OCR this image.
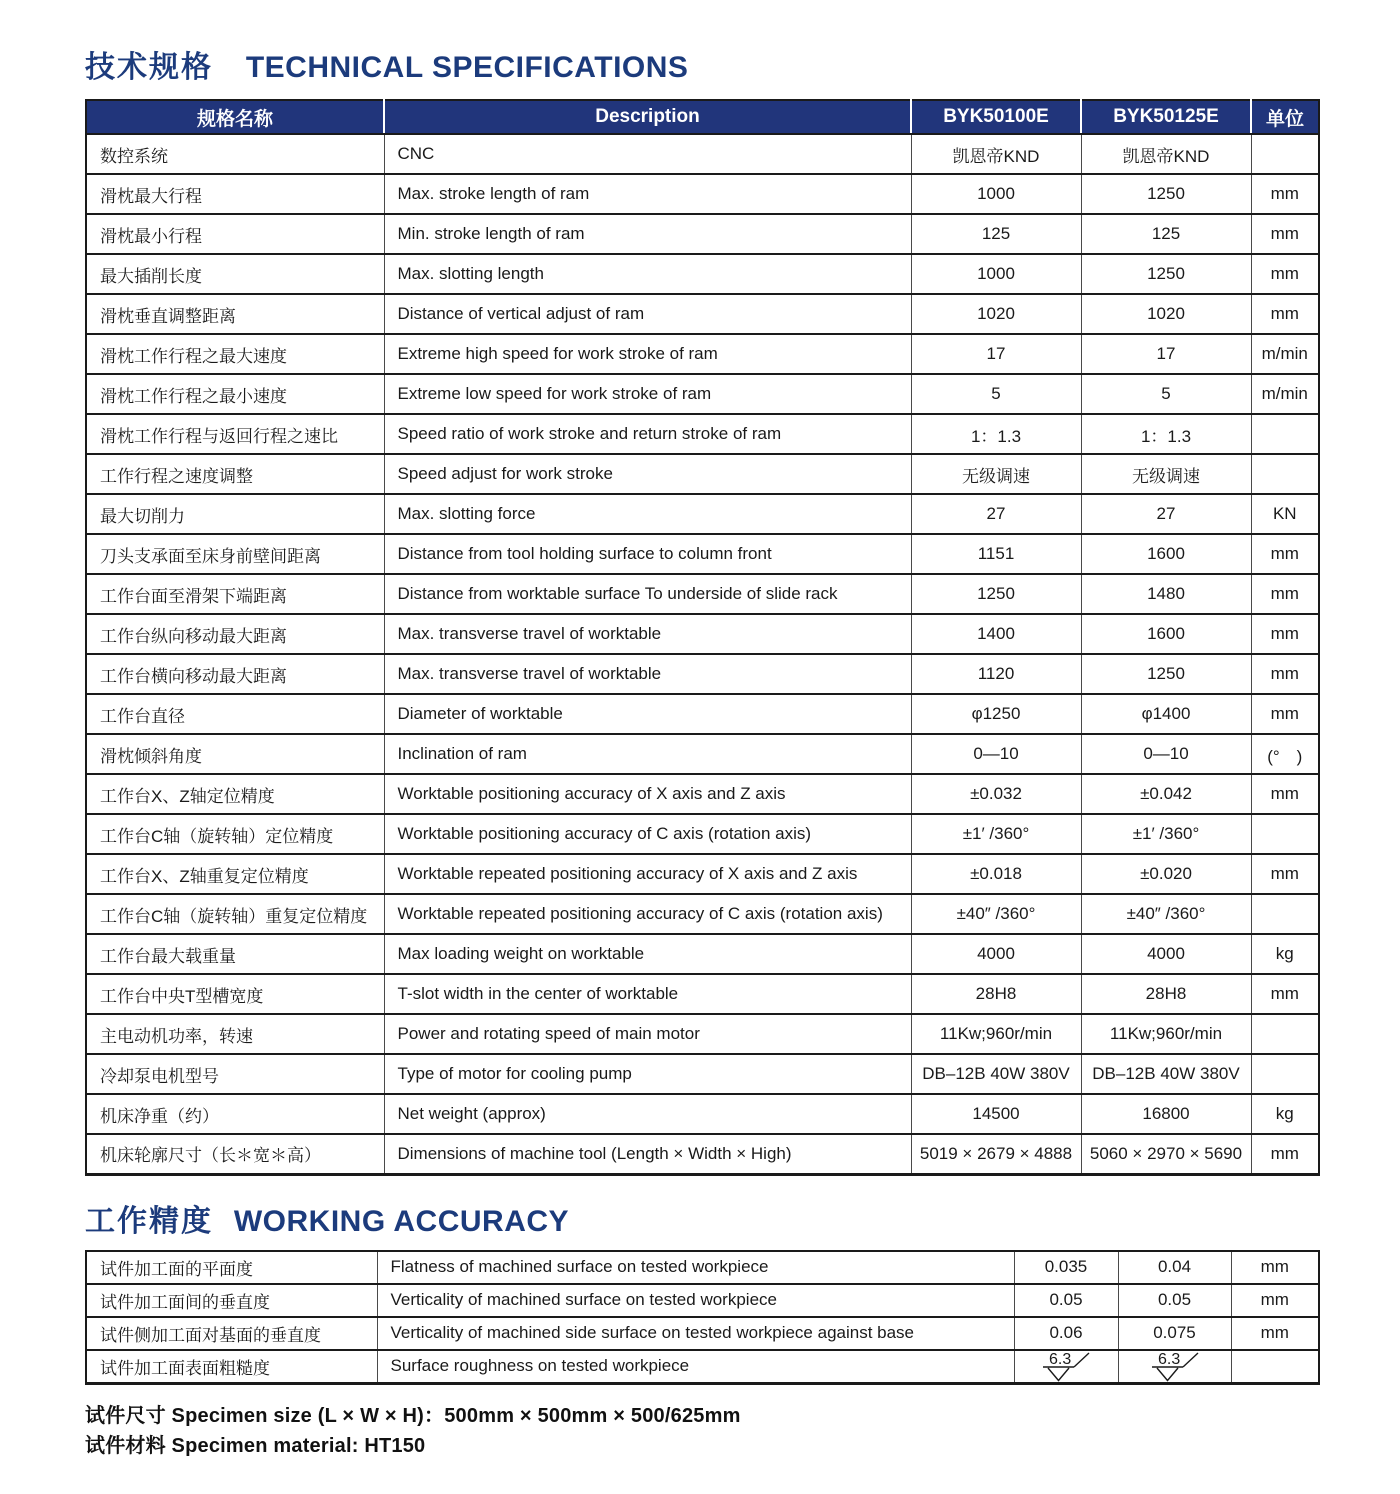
技术规格 TECHNICAL SPECIFICATIONS
规格名称	Description	BYK50100E	BYK50125E	单位
数控系统	CNC	凯恩帝KND	凯恩帝KND	
滑枕最大行程	Max. stroke length of ram	1000	1250	mm
滑枕最小行程	Min. stroke length of ram	125	125	mm
最大插削长度	Max. slotting length	1000	1250	mm
滑枕垂直调整距离	Distance of vertical adjust of ram	1020	1020	mm
滑枕工作行程之最大速度	Extreme high speed for work stroke of ram	17	17	m/min
滑枕工作行程之最小速度	Extreme low speed for work stroke of ram	5	5	m/min
滑枕工作行程与返回行程之速比	Speed ratio of work stroke and return stroke of ram	1：1.3	1：1.3	
工作行程之速度调整	Speed adjust for work stroke	无级调速	无级调速	
最大切削力	Max. slotting force	27	27	KN
刀头支承面至床身前壁间距离	Distance from tool holding surface to column front	1151	1600	mm
工作台面至滑架下端距离	Distance from worktable surface To underside of slide rack	1250	1480	mm
工作台纵向移动最大距离	Max. transverse travel of worktable	1400	1600	mm
工作台横向移动最大距离	Max. transverse travel of worktable	1120	1250	mm
工作台直径	Diameter of worktable	φ1250	φ1400	mm
滑枕倾斜角度	Inclination of ram	0—10	0—10	(°　)
工作台X、Z轴定位精度	Worktable positioning accuracy of X axis and Z axis	±0.032	±0.042	mm
工作台C轴（旋转轴）定位精度	Worktable positioning accuracy of C axis (rotation axis)	±1′ /360°	±1′ /360°	
工作台X、Z轴重复定位精度	Worktable repeated positioning accuracy of X axis and Z axis	±0.018	±0.020	mm
工作台C轴（旋转轴）重复定位精度	Worktable repeated positioning accuracy of C axis (rotation axis)	±40″ /360°	±40″ /360°	
工作台最大载重量	Max loading weight on worktable	4000	4000	kg
工作台中央T型槽宽度	T-slot width in the center of worktable	28H8	28H8	mm
主电动机功率，转速	Power and rotating speed of main motor	11Kw;960r/min	11Kw;960r/min	
冷却泵电机型号	Type of motor for cooling pump	DB–12B 40W 380V	DB–12B 40W 380V	
机床净重（约）	Net weight (approx)	14500	16800	kg
机床轮廓尺寸（长＊宽＊高）	Dimensions of machine tool (Length × Width × High)	5019 × 2679 × 4888	5060 × 2970 × 5690	mm
工作精度 WORKING ACCURACY
试件加工面的平面度	Flatness of machined surface on tested workpiece	0.035	0.04	mm
试件加工面间的垂直度	Verticality of machined surface on tested workpiece	0.05	0.05	mm
试件侧加工面对基面的垂直度	Verticality of machined side surface on tested workpiece against base	0.06	0.075	mm
试件加工面表面粗糙度	Surface roughness on tested workpiece	6.3	6.3	

试件尺寸 Specimen size (L × W × H)：500mm × 500mm × 500/625mm
试件材料 Specimen material: HT150
